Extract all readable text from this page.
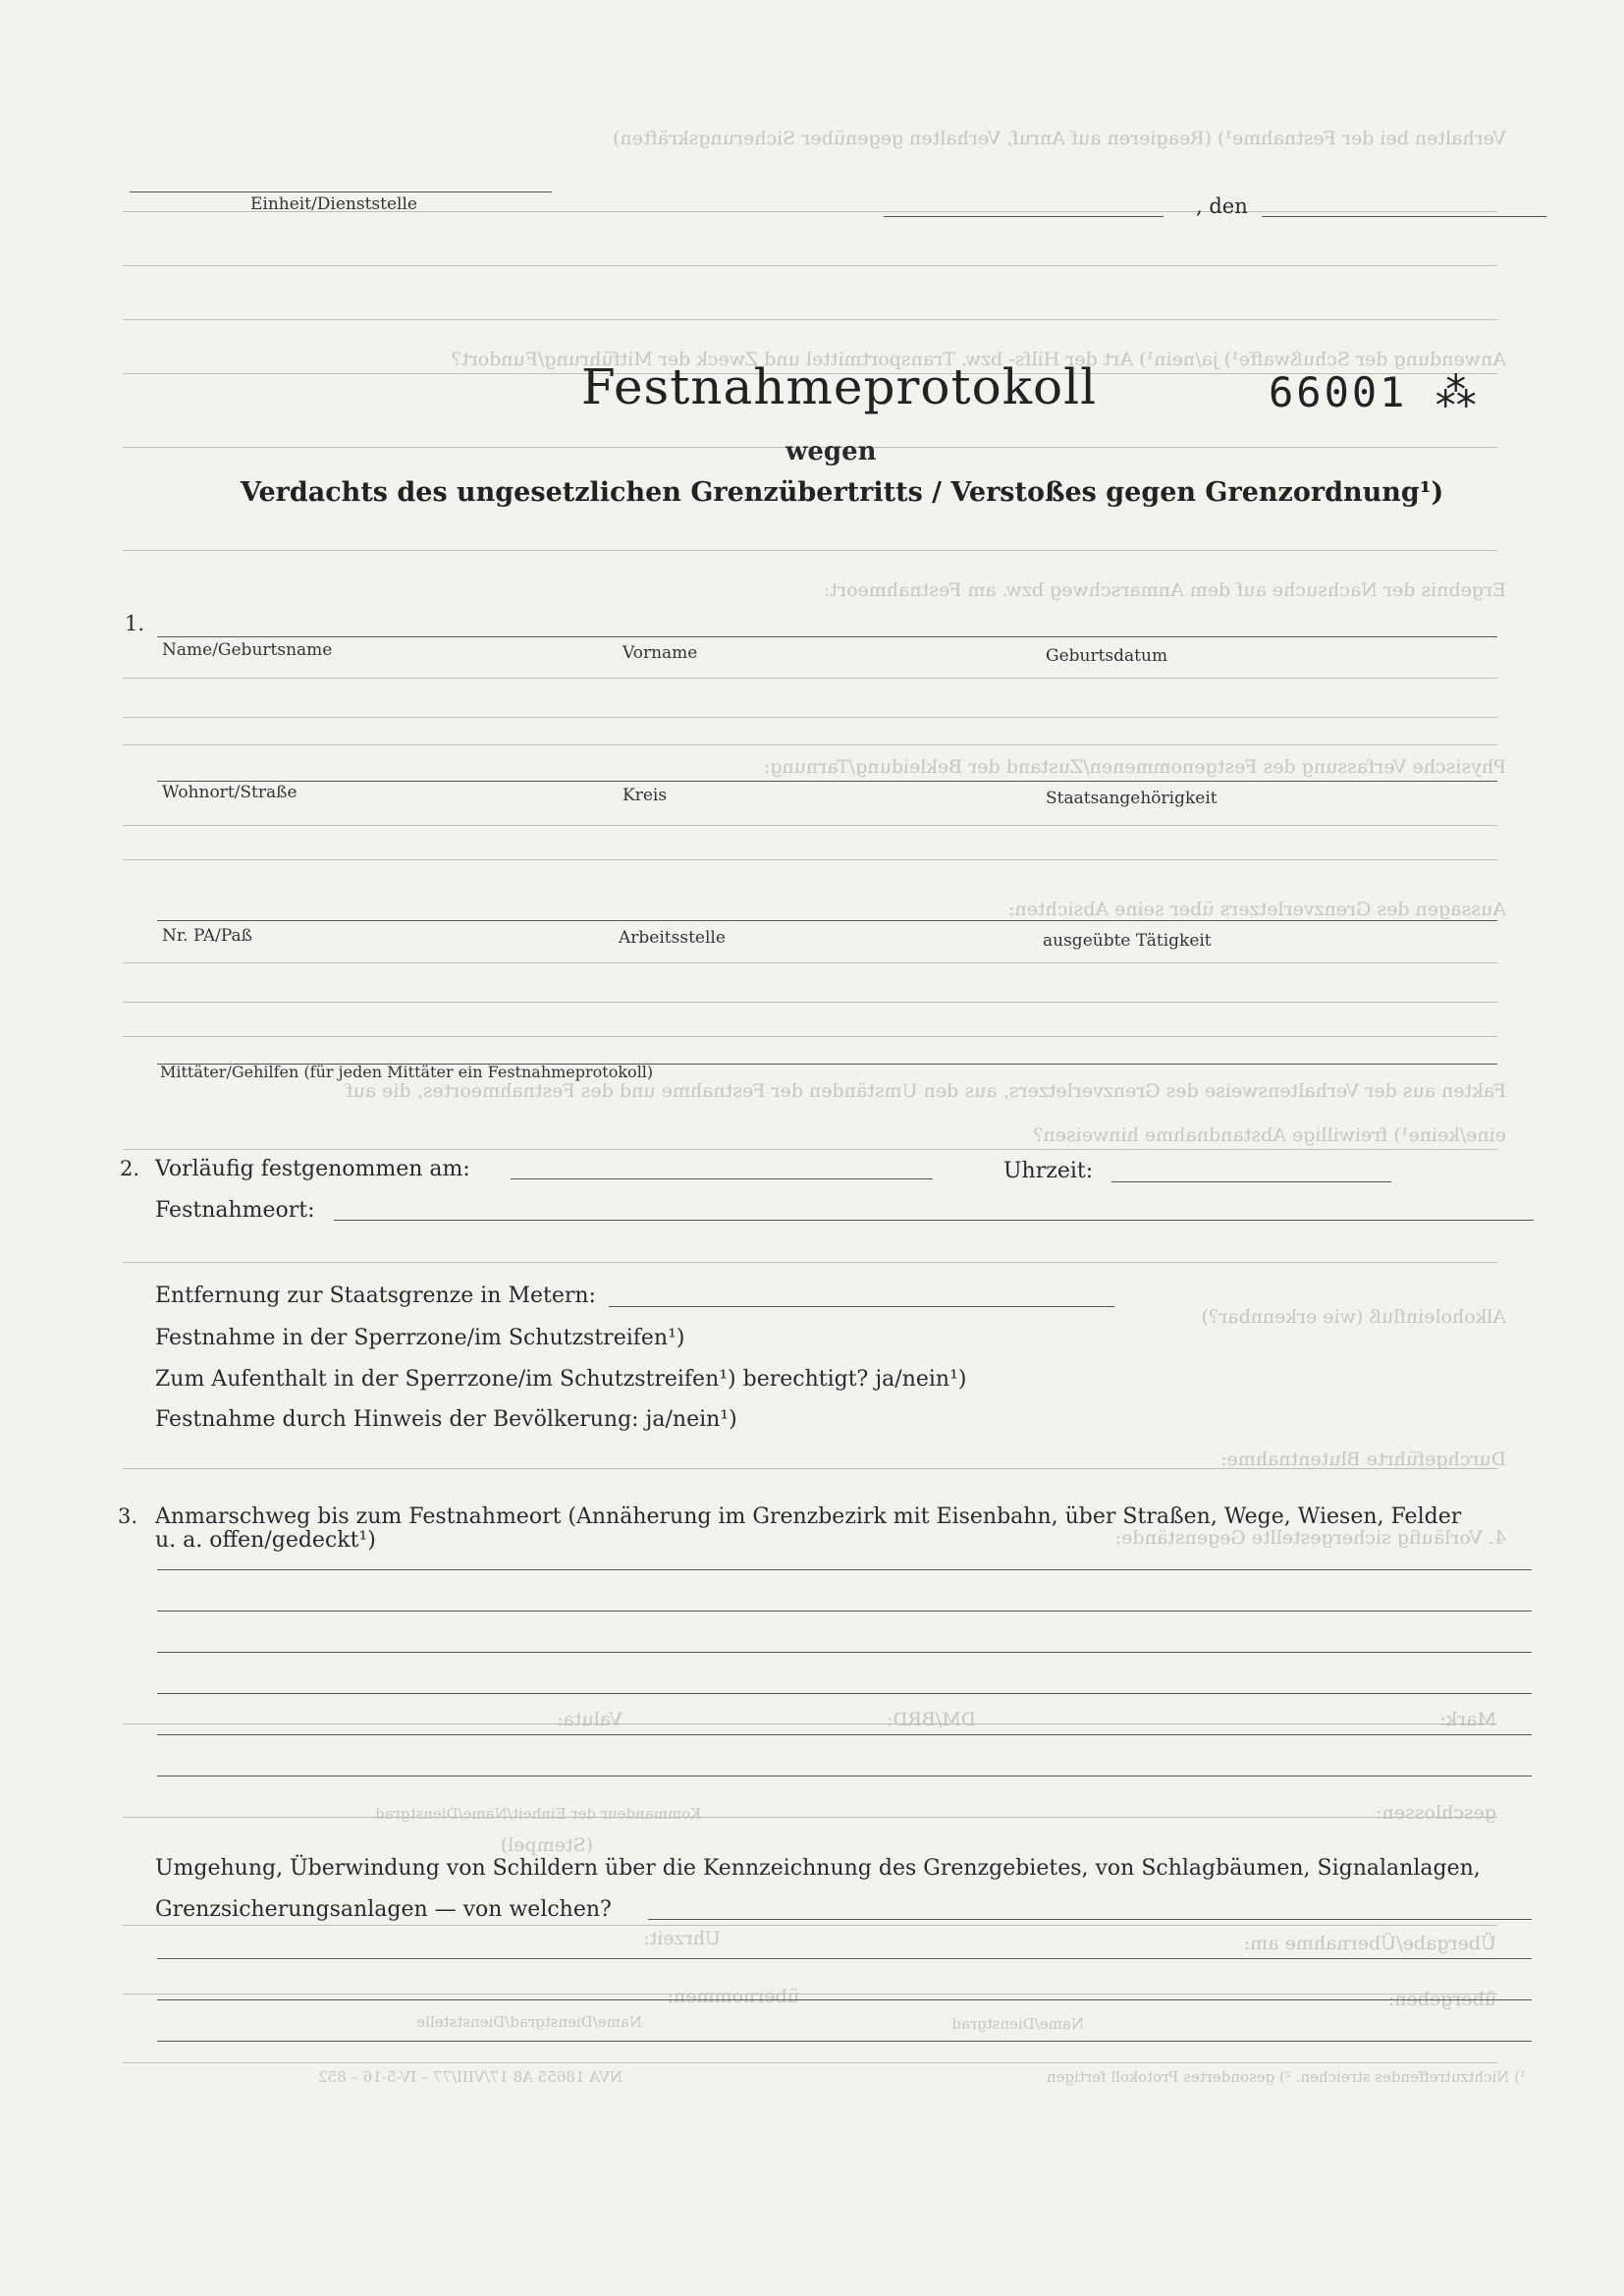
Verhalten bei der Festnahme¹) (Reagieren auf Anruf, Verhalten gegenüber Sicherungskräften)
Anwendung der Schußwaffe¹) ja/nein¹) Art der Hilfs- bzw. Transportmittel und Zweck der Mitführung/Fundort?
Ergebnis der Nachsuche auf dem Anmarschweg bzw. am Festnahmeort:
Physische Verfassung des Festgenommenen/Zustand der Bekleidung/Tarnung:
Aussagen des Grenzverletzers über seine Absichten:
Fakten aus der Verhaltensweise des Grenzverletzers, aus den Umständen der Festnahme und des Festnahmeortes, die auf
eine/keine¹) freiwillige Abstandnahme hinweisen?
Alkoholeinfluß (wie erkennbar?)
Durchgeführte Blutentnahme:
4. Vorläufig sichergestellte Gegenstände:
Mark:
DM/BRD:
Valuta:
geschlossen:
Kommandeur der Einheit/Name/Dienstgrad
(Stempel)
Übergabe/Übernahme am:
Uhrzeit:
übergeben:
übernommen:
Name/Dienstgrad
Name/Dienstgrad/Dienststelle
¹) Nichtzutreffendes streichen. ²) gesondertes Protokoll fertigen
NVA 18655 A8 17/VIII/77 – IV-5-16 – 852
Einheit/Dienststelle	, den
Festnahmeprotokoll	66001 ⁂
wegen
Verdachts des ungesetzlichen Grenzübertritts / Verstoßes gegen Grenzordnung¹)
1.
Name/Geburtsname	Vorname	Geburtsdatum
Wohnort/Straße	Kreis	Staatsangehörigkeit
Nr. PA/Paß	Arbeitsstelle	ausgeübte Tätigkeit
Mittäter/Gehilfen (für jeden Mittäter ein Festnahmeprotokoll)
2. Vorläufig festgenommen am:	Uhrzeit:
Festnahmeort:
Entfernung zur Staatsgrenze in Metern:
Festnahme in der Sperrzone/im Schutzstreifen¹)
Zum Aufenthalt in der Sperrzone/im Schutzstreifen¹) berechtigt? ja/nein¹)
Festnahme durch Hinweis der Bevölkerung: ja/nein¹)
3. Anmarschweg bis zum Festnahmeort (Annäherung im Grenzbezirk mit Eisenbahn, über Straßen, Wege, Wiesen, Felder
u. a. offen/gedeckt¹)
Umgehung, Überwindung von Schildern über die Kennzeichnung des Grenzgebietes, von Schlagbäumen, Signalanlagen,
Grenzsicherungsanlagen — von welchen?
